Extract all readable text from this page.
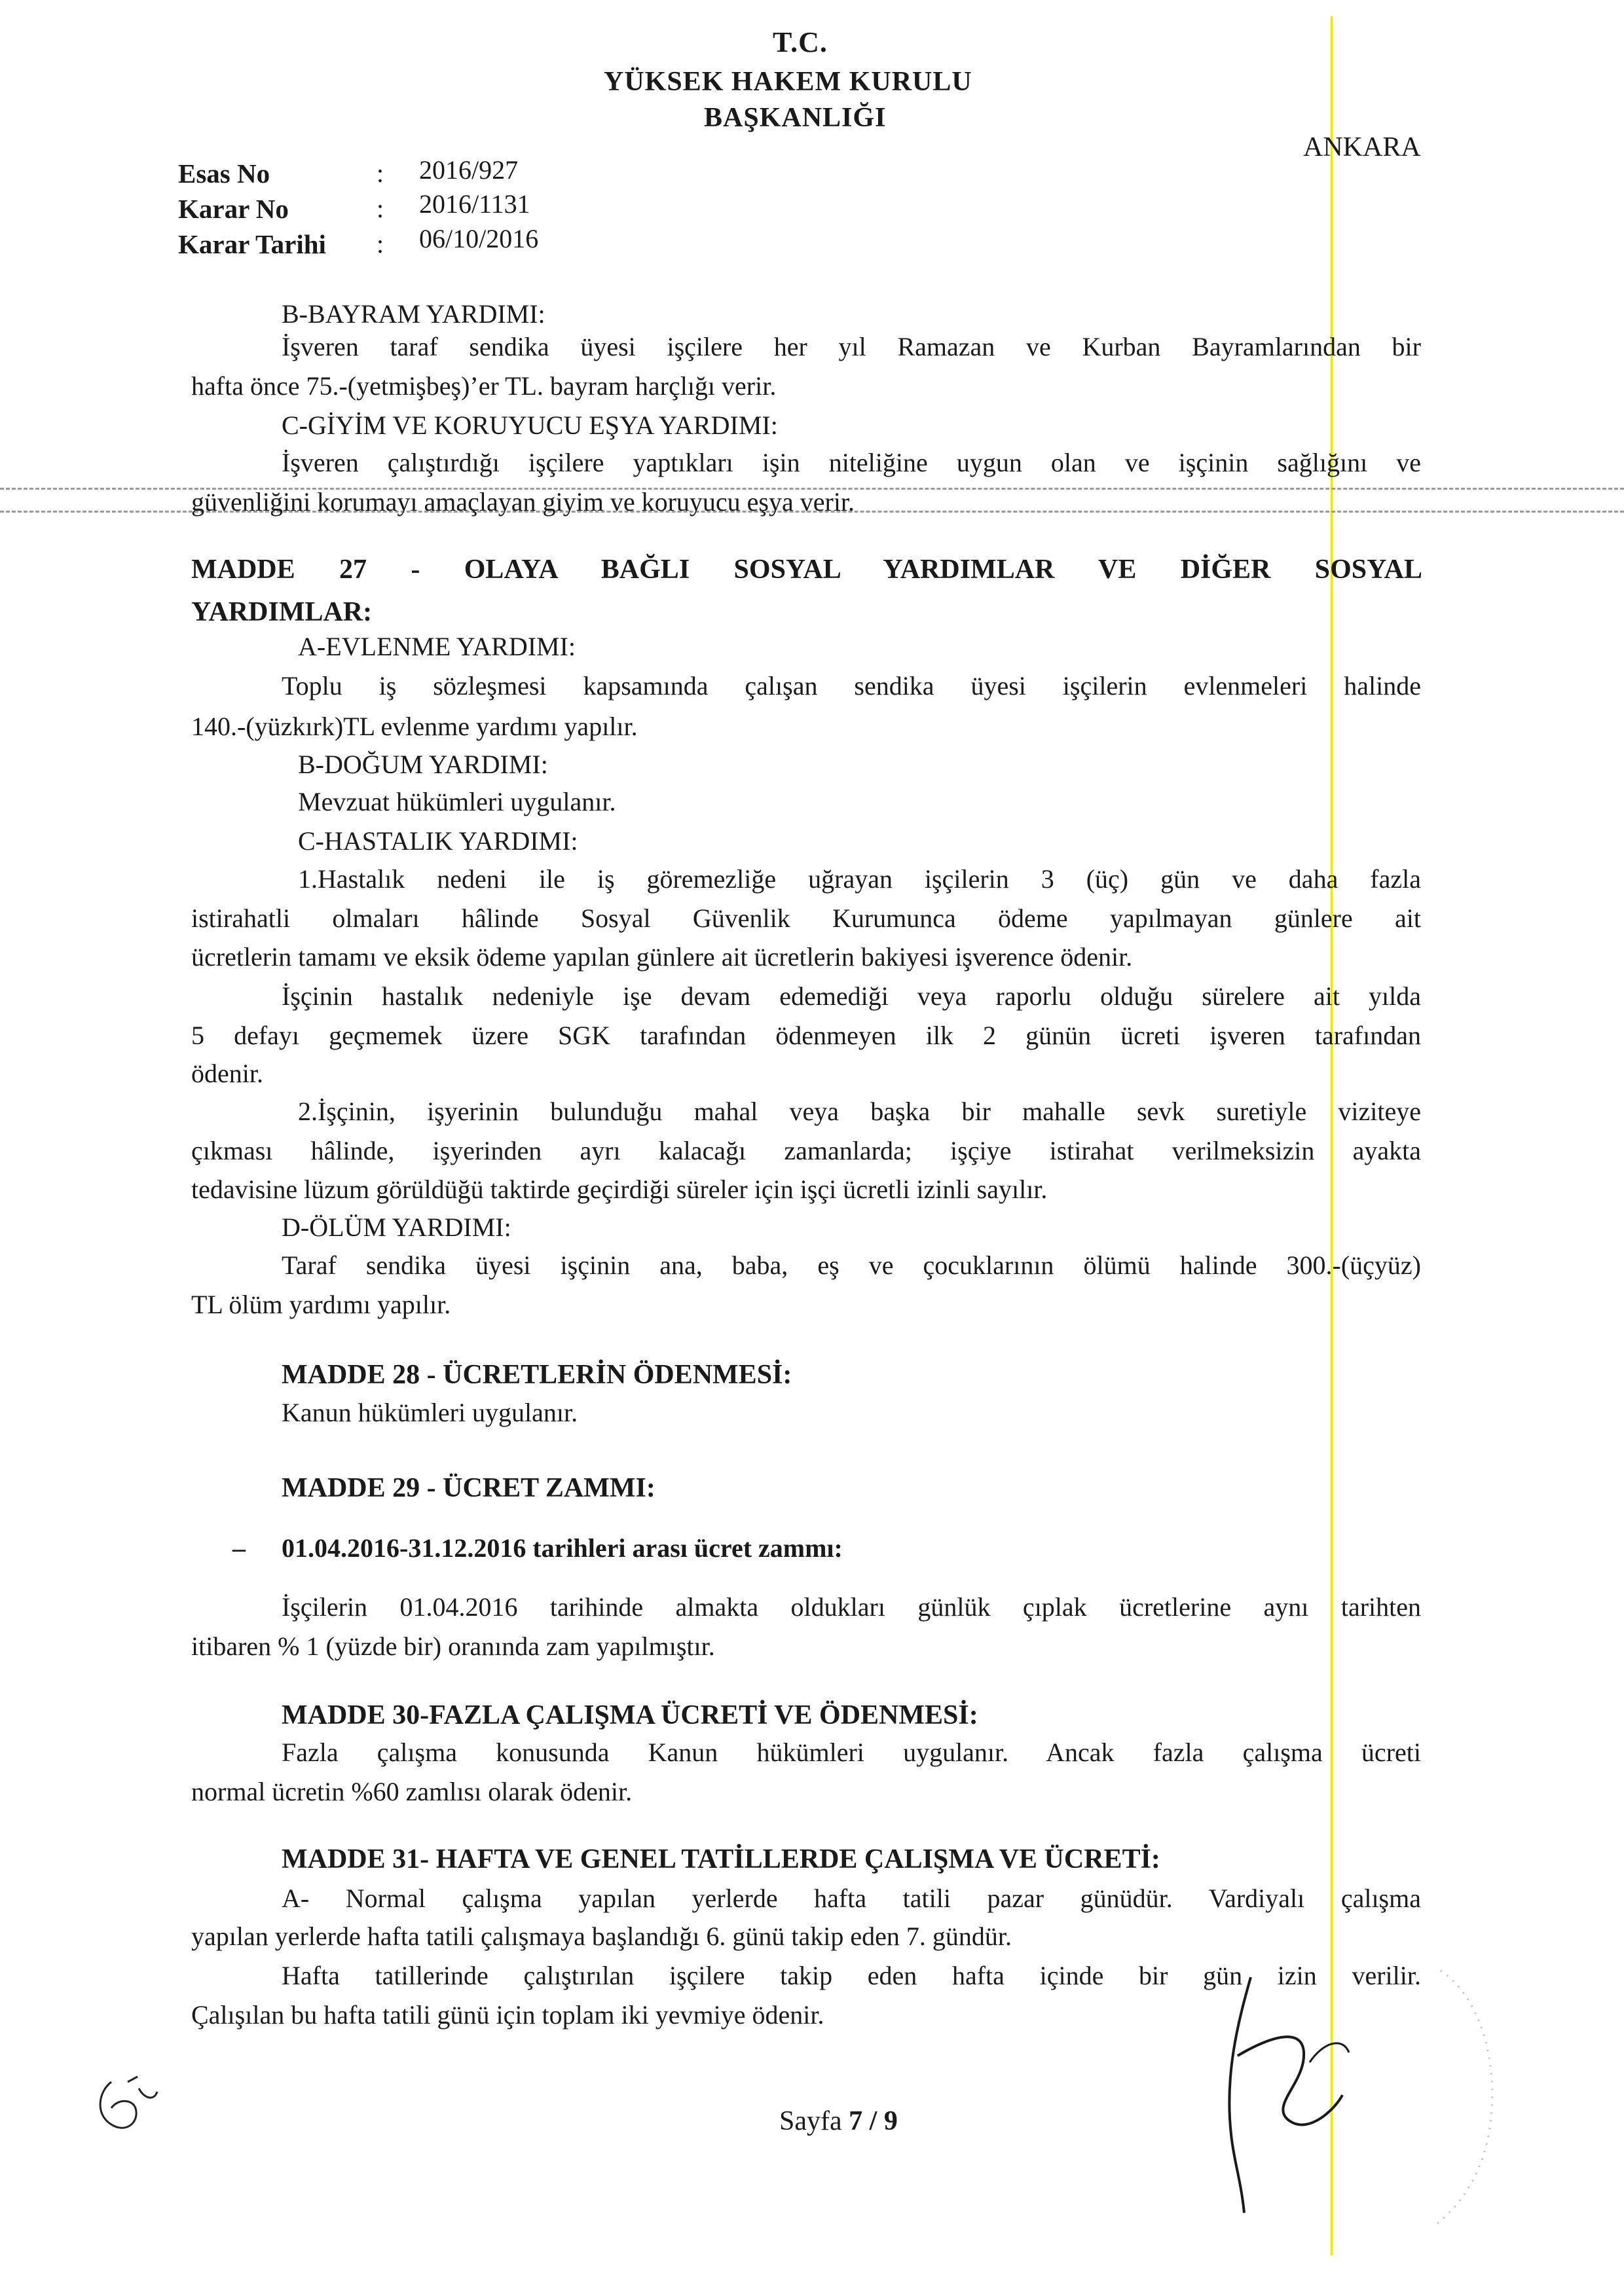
T.C.
YÜKSEK HAKEM KURULU
BAŞKANLIĞI
ANKARA
Esas No	: 2016/927
Karar No	: 2016/1131
Karar Tarihi : 06/10/2016
B-BAYRAM YARDIMI:
İşveren taraf sendika üyesi işçilere her yıl Ramazan ve Kurban Bayramlarından bir
hafta önce 75.-(yetmişbeş)’er TL. bayram harçlığı verir.
C-GİYİM VE KORUYUCU EŞYA YARDIMI:
İşveren çalıştırdığı işçilere yaptıkları işin niteliğine uygun olan ve işçinin sağlığını ve
güvenliğini korumayı amaçlayan giyim ve koruyucu eşya verir.
MADDE 27 - OLAYA BAĞLI SOSYAL YARDIMLAR VE DİĞER SOSYAL
YARDIMLAR:
A-EVLENME YARDIMI:
Toplu iş sözleşmesi kapsamında çalışan sendika üyesi işçilerin evlenmeleri halinde
140.-(yüzkırk)TL evlenme yardımı yapılır.
B-DOĞUM YARDIMI:
Mevzuat hükümleri uygulanır.
C-HASTALIK YARDIMI:
1.Hastalık nedeni ile iş göremezliğe uğrayan işçilerin 3 (üç) gün ve daha fazla
istirahatli olmaları hâlinde Sosyal Güvenlik Kurumunca ödeme yapılmayan günlere ait
ücretlerin tamamı ve eksik ödeme yapılan günlere ait ücretlerin bakiyesi işverence ödenir.
İşçinin hastalık nedeniyle işe devam edemediği veya raporlu olduğu sürelere ait yılda
5 defayı geçmemek üzere SGK tarafından ödenmeyen ilk 2 günün ücreti işveren tarafından
ödenir.
2.İşçinin, işyerinin bulunduğu mahal veya başka bir mahalle sevk suretiyle viziteye
çıkması hâlinde, işyerinden ayrı kalacağı zamanlarda; işçiye istirahat verilmeksizin ayakta
tedavisine lüzum görüldüğü taktirde geçirdiği süreler için işçi ücretli izinli sayılır.
D-ÖLÜM YARDIMI:
Taraf sendika üyesi işçinin ana, baba, eş ve çocuklarının ölümü halinde 300.-(üçyüz)
TL ölüm yardımı yapılır.
MADDE 28 - ÜCRETLERİN ÖDENMESİ:
Kanun hükümleri uygulanır.
MADDE 29 - ÜCRET ZAMMI:
– 01.04.2016-31.12.2016 tarihleri arası ücret zammı:
İşçilerin 01.04.2016 tarihinde almakta oldukları günlük çıplak ücretlerine aynı tarihten
itibaren % 1 (yüzde bir) oranında zam yapılmıştır.
MADDE 30-FAZLA ÇALIŞMA ÜCRETİ VE ÖDENMESİ:
Fazla çalışma konusunda Kanun hükümleri uygulanır. Ancak fazla çalışma ücreti
normal ücretin %60 zamlısı olarak ödenir.
MADDE 31- HAFTA VE GENEL TATİLLERDE ÇALIŞMA VE ÜCRETİ:
A- Normal çalışma yapılan yerlerde hafta tatili pazar günüdür. Vardiyalı çalışma
yapılan yerlerde hafta tatili çalışmaya başlandığı 6. günü takip eden 7. gündür.
Hafta tatillerinde çalıştırılan işçilere takip eden hafta içinde bir gün izin verilir.
Çalışılan bu hafta tatili günü için toplam iki yevmiye ödenir.
Sayfa 7 / 9
